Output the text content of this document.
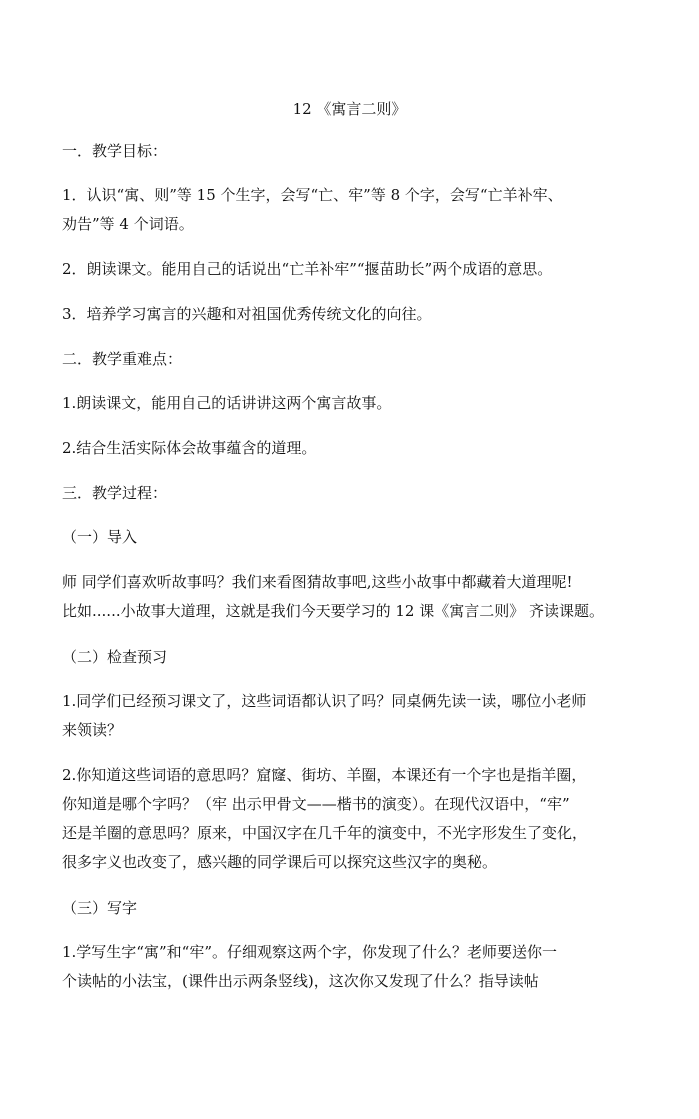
12 《寓言二则》
一．教学目标：
1．认识“寓、则”等 15 个生字，会写“亡、牢”等 8 个字，会写“亡羊补牢、
劝告”等 4 个词语。
2．朗读课文。能用自己的话说出“亡羊补牢”“揠苗助长”两个成语的意思。
3．培养学习寓言的兴趣和对祖国优秀传统文化的向往。
二．教学重难点：
1.朗读课文，能用自己的话讲讲这两个寓言故事。
2.结合生活实际体会故事蕴含的道理。
三．教学过程：
（一）导入
师 同学们喜欢听故事吗？我们来看图猜故事吧,这些小故事中都藏着大道理呢!
比如......小故事大道理，这就是我们今天要学习的 12 课《寓言二则》 齐读课题。
（二）检查预习
1.同学们已经预习课文了，这些词语都认识了吗？同桌俩先读一读，哪位小老师
来领读？
2.你知道这些词语的意思吗？窟窿、街坊、羊圈，本课还有一个字也是指羊圈，
你知道是哪个字吗？（牢 出示甲骨文——楷书的演变）。在现代汉语中，“牢”
还是羊圈的意思吗？原来，中国汉字在几千年的演变中，不光字形发生了变化，
很多字义也改变了，感兴趣的同学课后可以探究这些汉字的奥秘。
（三）写字
1.学写生字“寓”和“牢”。仔细观察这两个字，你发现了什么？老师要送你一
个读帖的小法宝，(课件出示两条竖线)，这次你又发现了什么？指导读帖
